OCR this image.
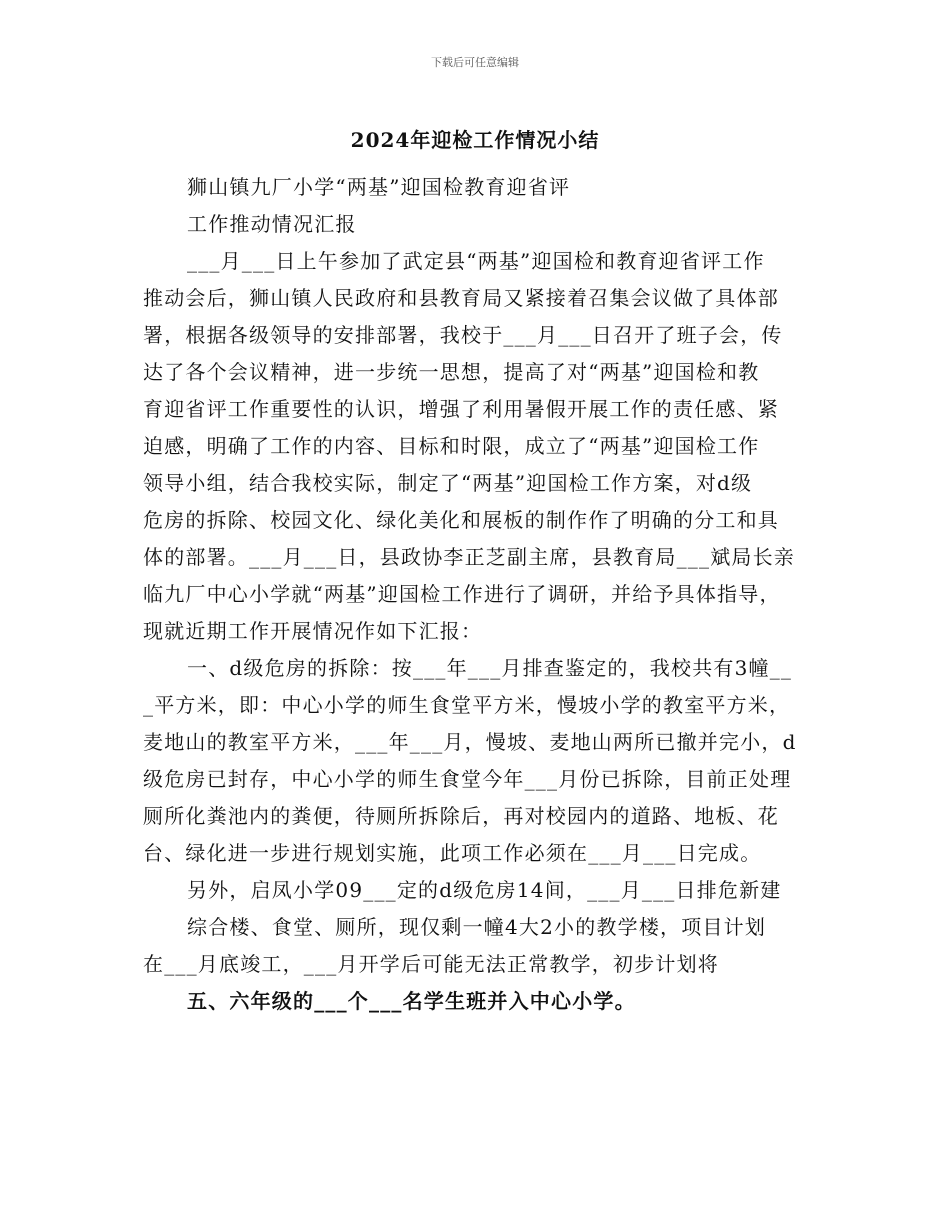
下载后可任意编辑
2024年迎检工作情况小结
狮山镇九厂小学“两基”迎国检教育迎省评
工作推动情况汇报
___月___日上午参加了武定县“两基”迎国检和教育迎省评工作
推动会后，狮山镇人民政府和县教育局又紧接着召集会议做了具体部
署，根据各级领导的安排部署，我校于___月___日召开了班子会，传
达了各个会议精神，进一步统一思想，提高了对“两基”迎国检和教
育迎省评工作重要性的认识，增强了利用暑假开展工作的责任感、紧
迫感，明确了工作的内容、目标和时限，成立了“两基”迎国检工作
领导小组，结合我校实际，制定了“两基”迎国检工作方案，对d级
危房的拆除、校园文化、绿化美化和展板的制作作了明确的分工和具
体的部署。___月___日，县政协李正芝副主席，县教育局___斌局长亲
临九厂中心小学就“两基”迎国检工作进行了调研，并给予具体指导，
现就近期工作开展情况作如下汇报：
一、d级危房的拆除：按___年___月排查鉴定的，我校共有3幢__
_平方米，即：中心小学的师生食堂平方米，慢坡小学的教室平方米，
麦地山的教室平方米，___年___月，慢坡、麦地山两所已撤并完小，d
级危房已封存，中心小学的师生食堂今年___月份已拆除，目前正处理
厕所化粪池内的粪便，待厕所拆除后，再对校园内的道路、地板、花
台、绿化进一步进行规划实施，此项工作必须在___月___日完成。
另外，启凤小学09___定的d级危房14间，___月___日排危新建
综合楼、食堂、厕所，现仅剩一幢4大2小的教学楼，项目计划
在___月底竣工，___月开学后可能无法正常教学，初步计划将
五、六年级的___个___名学生班并入中心小学。
